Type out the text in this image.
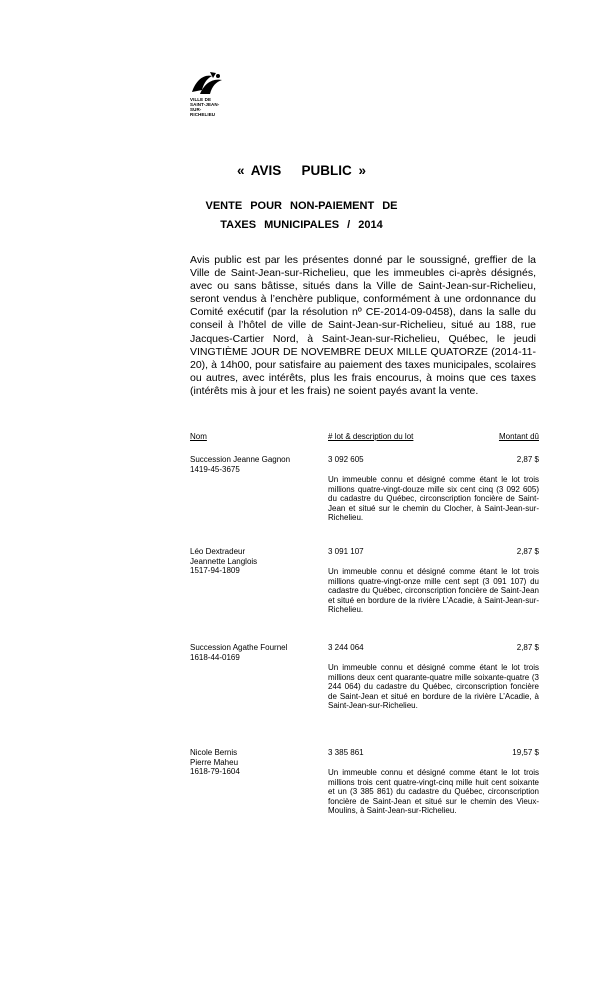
VILLE DE
SAINT-JEAN-
SUR-RICHELIEU
« AVIS   PUBLIC »
VENTE POUR NON-PAIEMENT DE
TAXES MUNICIPALES / 2014
Avis public est par les présentes donné par le soussigné, greffier de la Ville de Saint-Jean-sur-Richelieu, que les immeubles ci-après désignés, avec ou sans bâtisse, situés dans la Ville de Saint-Jean-sur-Richelieu, seront vendus à l’enchère publique, conformément à une ordonnance du Comité exécutif (par la résolution nº CE-2014-09-0458), dans la salle du conseil à l’hôtel de ville de Saint-Jean-sur-Richelieu, situé au 188, rue Jacques-Cartier Nord, à Saint-Jean-sur-Richelieu, Québec, le jeudi VINGTIÈME JOUR DE NOVEMBRE DEUX MILLE QUATORZE (2014-11-20), à 14h00, pour satisfaire au paiement des taxes municipales, scolaires ou autres, avec intérêts, plus les frais encourus, à moins que ces taxes (intérêts mis à jour et les frais) ne soient payés avant la vente.
Nom	# lot & description du lot	Montant dû
Succession Jeanne Gagnon
1419-45-3675
3 092 605	2,87 $
Un immeuble connu et désigné comme étant le lot trois millions quatre-vingt-douze mille six cent cinq (3 092 605) du cadastre du Québec, circonscription foncière de Saint-Jean et situé sur le chemin du Clocher, à Saint-Jean-sur-Richelieu.
Léo Dextradeur
Jeannette Langlois
1517-94-1809
3 091 107	2,87 $
Un immeuble connu et désigné comme étant le lot trois millions quatre-vingt-onze mille cent sept (3 091 107) du cadastre du Québec, circonscription foncière de Saint-Jean et situé en bordure de la rivière L’Acadie, à Saint-Jean-sur-Richelieu.
Succession Agathe Fournel
1618-44-0169
3 244 064	2,87 $
Un immeuble connu et désigné comme étant le lot trois millions deux cent quarante-quatre mille soixante-quatre (3 244 064) du cadastre du Québec, circonscription foncière de Saint-Jean et situé en bordure de la rivière L’Acadie, à Saint-Jean-sur-Richelieu.
Nicole Bernis
Pierre Maheu
1618-79-1604
3 385 861	19,57 $
Un immeuble connu et désigné comme étant le lot trois millions trois cent quatre-vingt-cinq mille huit cent soixante et un (3 385 861) du cadastre du Québec, circonscription foncière de Saint-Jean et situé sur le chemin des Vieux-Moulins, à Saint-Jean-sur-Richelieu.
